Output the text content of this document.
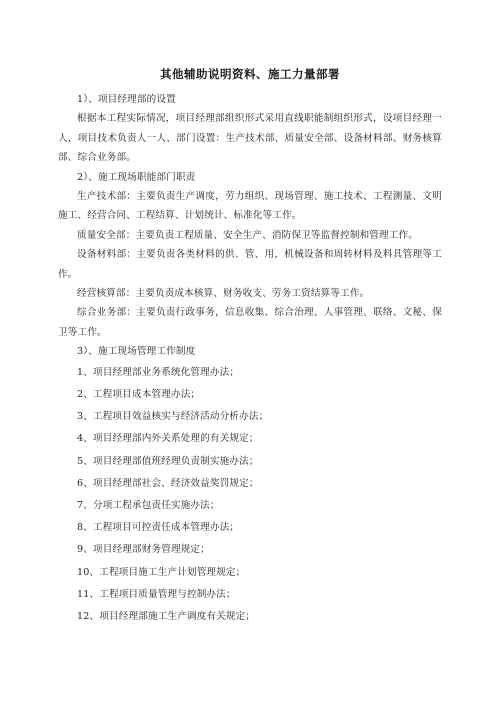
其他辅助说明资料、施工力量部署

1）、项目经理部的设置

根据本工程实际情况，项目经理部组织形式采用直线职能制组织形式，设项目经理一人，项目技术负责人一人、部门设置：生产技术部、质量安全部、设备材料部、财务核算部、综合业务部。

2）、施工现场职能部门职责

生产技术部：主要负责生产调度，劳力组织、现场管理、施工技术、工程测量、文明施工、经营合同、工程结算、计划统计、标准化等工作。

质量安全部：主要负责工程质量、安全生产、消防保卫等监督控制和管理工作。

设备材料部：主要负责各类材料的供、管、用，机械设备和周转材料及料具管理等工作。

经营核算部：主要负责成本核算、财务收支、劳务工资结算等工作。

综合业务部：主要负责行政事务，信息收集、综合治理、人事管理、联络、文秘、保卫等工作。

3）、施工现场管理工作制度

1、项目经理部业务系统化管理办法；

2、工程项目成本管理办法；

3、工程项目效益核实与经济活动分析办法；

4、项目经理部内外关系处理的有关规定；

5、项目经理部值班经理负责制实施办法；

6、项目经理部社会、经济效益奖罚规定；

7、分项工程承包责任实施办法；

8、工程项目可控责任成本管理办法；

9、项目经理部财务管理规定；

10、工程项目施工生产计划管理规定；

11、工程项目质量管理与控制办法；

12、项目经理部施工生产调度有关规定；
